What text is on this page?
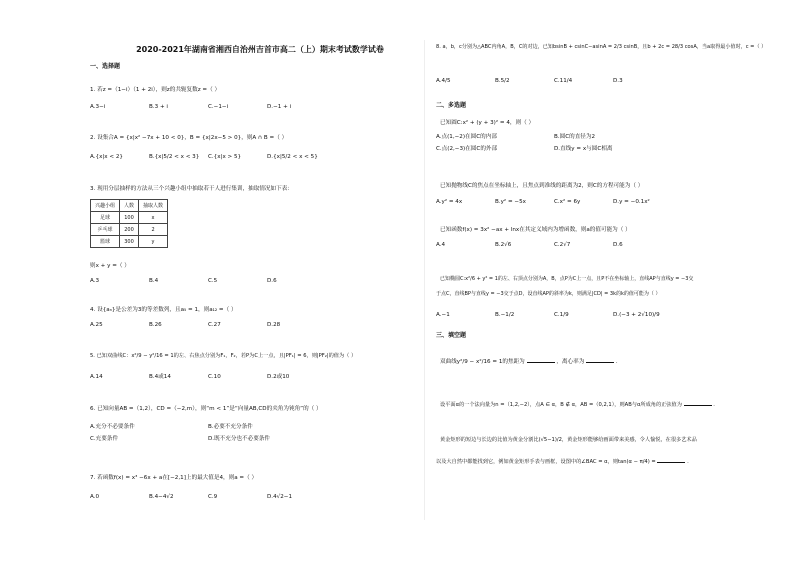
2020-2021年湖南省湘西自治州吉首市高二（上）期末考试数学试卷
一、选择题
1. 若z =（1−i）（1 + 2i），则z的共轭复数z =（ ）
A.3−i	B.3 + i	C.−1−i	D.−1 + i
2. 设集合A = {x|x² −7x + 10 < 0}，B = {x|2x−5 > 0}，则A ∩ B =（ ）
A.{x|x < 2}	B.{x|5/2 < x < 3} C.{x|x > 5}	D.{x|5/2 < x < 5}
3. 现用分层抽样的方法从三个兴趣小组中抽取若干人进行集训，抽取情况如下表：
兴趣小组	人数	抽取人数
足球	100	x
乒乓球	200	2
篮球	300	y
则x + y =（ ）
A.3	B.4	C.5	D.6
4. 设{aₙ}是公差为3的等差数列，且a₅ = 1，则a₁₂ =（ ）
A.25	B.26	C.27	D.28
5. 已知双曲线C：x²/9 − y²/16 = 1的左、右焦点分别为F₁，F₂，若P为C上一点，且|PF₁| = 6，则|PF₂|的值为（ ）
A.14	B.4或14	C.10	D.2或10
6. 已知向量AB =（1,2），CD =（−2,m），则“m < 1”是“向量AB,CD的夹角为钝角”的（ ）
A.充分不必要条件	B.必要不充分条件
C.充要条件	D.既不充分也不必要条件
7. 若函数f(x) = x³ −6x + a在[−2,1]上的最大值是4，则a =（ ）
A.0	B.4−4√2	C.9	D.4√2−1
8. a，b，c分别为△ABC内角A，B，C的对边，已知bsinB + csinC−asinA = 2/3 csinB，且b + 2c = 28/3 cosA，当a取得最小值时，c =（ ）
A.4/5	B.5/2	C.11/4	D.3
二、多选题
已知圆C:x² + (y + 3)² = 4，则（ ）
A.点(1,−2)在圆C的内部	B.圆C的直径为2
C.点(2,−3)在圆C的外部	D.直线y = x与圆C相离
已知抛物线C的焦点在坐标轴上，且焦点到准线的距离为2，则C的方程可能为（ ）
A.y² = 4x	B.y² = −5x	C.x² = 6y	D.y = −0.1x²
已知函数f(x) = 3x² −ax + lnx在其定义域内为增函数，则a的值可能为（ ）
A.4	B.2√6	C.2√7	D.6
已知椭圆C:x²/6 + y² = 1的左、右顶点分别为A，B，点P为C上一点，且P不在坐标轴上，直线AP与直线y = −3交
于点C，直线BP与直线y = −3交于点D，设直线AP的斜率为k，则满足|CD| = 3k的k的值可能为（ ）
A.−1	B.−1/2	C.1/9	D.(−3 + 2√10)/9
三、填空题
双曲线y²/9 − x²/16 = 1的焦距为	，离心率为	.
设平面α的一个法向量为n =（1,2,−2），点A ∈ α，B ∉ α，AB =（0,2,1），则AB与α所成角的正弦值为	.
黄金矩形的短边与长边的比值为黄金分割比(√5−1)/2，黄金矩形能够给画面带来美感，令人愉悦，在很多艺术品
以及大自然中都能找到它，例如黄金矩形手表与画框，设图中的∠BAC = α，则tan(α − π/4) =	.
